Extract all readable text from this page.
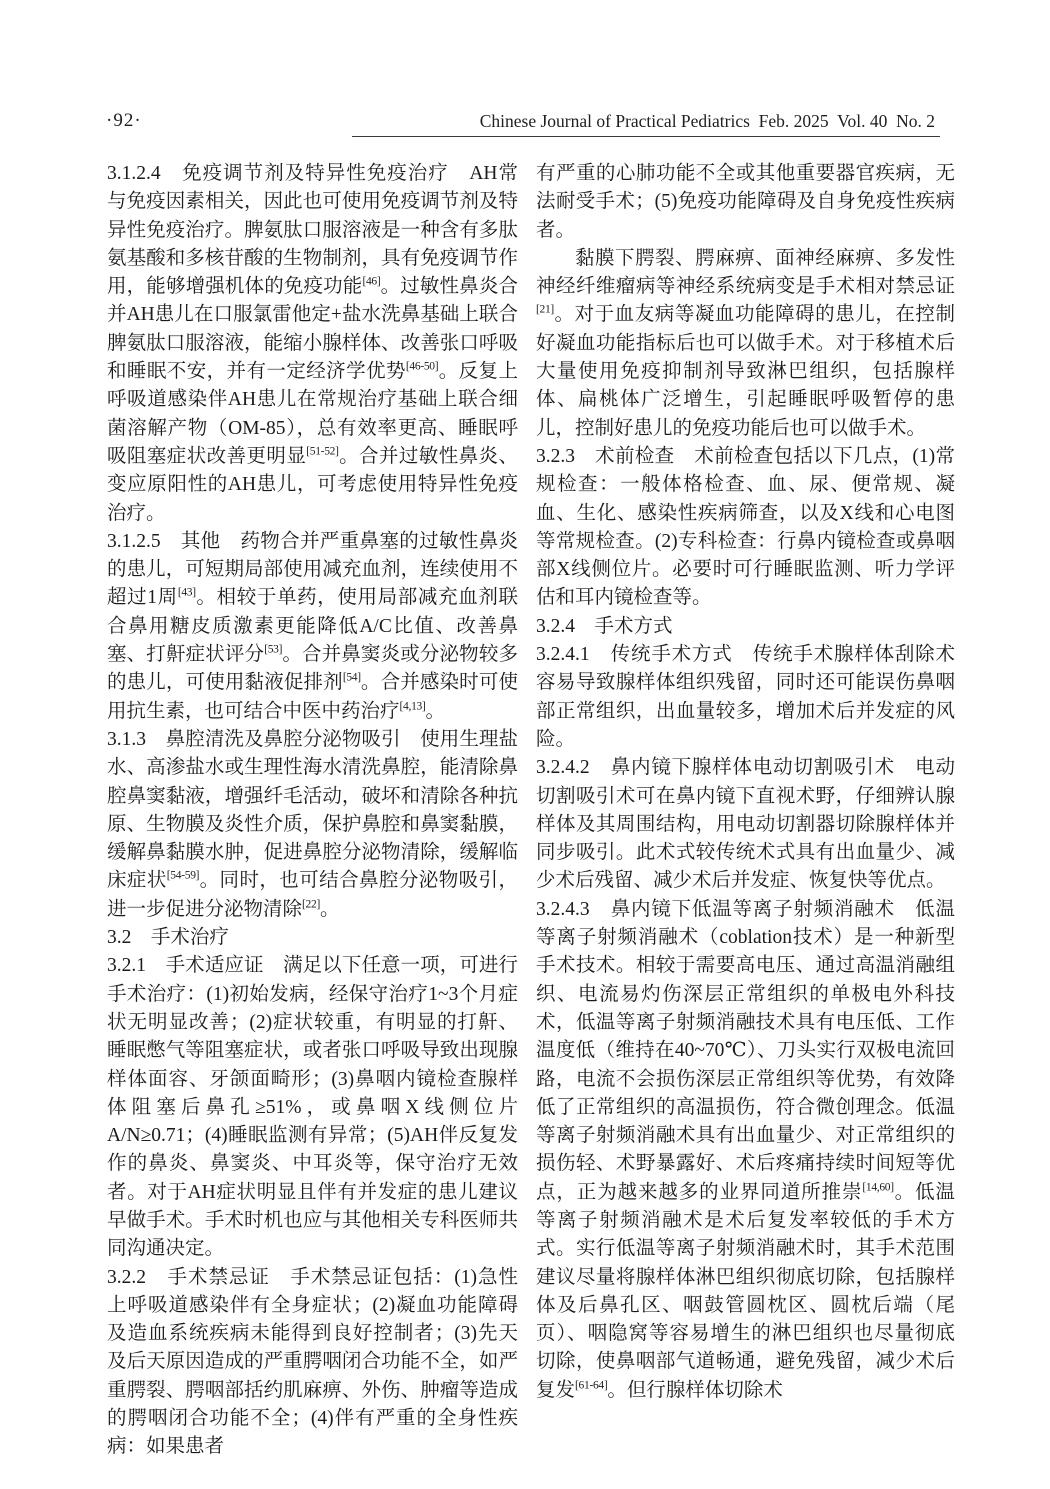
·92·	Chinese Journal of Practical Pediatrics  Feb. 2025  Vol. 40  No. 2

3.1.2.4　免疫调节剂及特异性免疫治疗　AH常与免疫因素相关，因此也可使用免疫调节剂及特异性免疫治疗。脾氨肽口服溶液是一种含有多肽氨基酸和多核苷酸的生物制剂，具有免疫调节作用，能够增强机体的免疫功能[46]。过敏性鼻炎合并AH患儿在口服氯雷他定+盐水洗鼻基础上联合脾氨肽口服溶液，能缩小腺样体、改善张口呼吸和睡眠不安，并有一定经济学优势[46-50]。反复上呼吸道感染伴AH患儿在常规治疗基础上联合细菌溶解产物（OM-85），总有效率更高、睡眠呼吸阻塞症状改善更明显[51-52]。合并过敏性鼻炎、变应原阳性的AH患儿，可考虑使用特异性免疫治疗。

3.1.2.5　其他　药物合并严重鼻塞的过敏性鼻炎的患儿，可短期局部使用减充血剂，连续使用不超过1周[43]。相较于单药，使用局部减充血剂联合鼻用糖皮质激素更能降低A/C比值、改善鼻塞、打鼾症状评分[53]。合并鼻窦炎或分泌物较多的患儿，可使用黏液促排剂[54]。合并感染时可使用抗生素，也可结合中医中药治疗[4,13]。

3.1.3　鼻腔清洗及鼻腔分泌物吸引　使用生理盐水、高渗盐水或生理性海水清洗鼻腔，能清除鼻腔鼻窦黏液，增强纤毛活动，破坏和清除各种抗原、生物膜及炎性介质，保护鼻腔和鼻窦黏膜，缓解鼻黏膜水肿，促进鼻腔分泌物清除，缓解临床症状[54-59]。同时，也可结合鼻腔分泌物吸引，进一步促进分泌物清除[22]。

3.2　手术治疗

3.2.1　手术适应证　满足以下任意一项，可进行手术治疗：(1)初始发病，经保守治疗1~3个月症状无明显改善；(2)症状较重，有明显的打鼾、睡眠憋气等阻塞症状，或者张口呼吸导致出现腺样体面容、牙颌面畸形；(3)鼻咽内镜检查腺样体阻塞后鼻孔≥51%，或鼻咽X线侧位片A/N≥0.71；(4)睡眠监测有异常；(5)AH伴反复发作的鼻炎、鼻窦炎、中耳炎等，保守治疗无效者。对于AH症状明显且伴有并发症的患儿建议早做手术。手术时机也应与其他相关专科医师共同沟通决定。

3.2.2　手术禁忌证　手术禁忌证包括：(1)急性上呼吸道感染伴有全身症状；(2)凝血功能障碍及造血系统疾病未能得到良好控制者；(3)先天及后天原因造成的严重腭咽闭合功能不全，如严重腭裂、腭咽部括约肌麻痹、外伤、肿瘤等造成的腭咽闭合功能不全；(4)伴有严重的全身性疾病：如果患者

有严重的心肺功能不全或其他重要器官疾病，无法耐受手术；(5)免疫功能障碍及自身免疫性疾病者。

黏膜下腭裂、腭麻痹、面神经麻痹、多发性神经纤维瘤病等神经系统病变是手术相对禁忌证[21]。对于血友病等凝血功能障碍的患儿，在控制好凝血功能指标后也可以做手术。对于移植术后大量使用免疫抑制剂导致淋巴组织，包括腺样体、扁桃体广泛增生，引起睡眠呼吸暂停的患儿，控制好患儿的免疫功能后也可以做手术。

3.2.3　术前检查　术前检查包括以下几点，(1)常规检查：一般体格检查、血、尿、便常规、凝血、生化、感染性疾病筛查，以及X线和心电图等常规检查。(2)专科检查：行鼻内镜检查或鼻咽部X线侧位片。必要时可行睡眠监测、听力学评估和耳内镜检查等。

3.2.4　手术方式

3.2.4.1　传统手术方式　传统手术腺样体刮除术容易导致腺样体组织残留，同时还可能误伤鼻咽部正常组织，出血量较多，增加术后并发症的风险。

3.2.4.2　鼻内镜下腺样体电动切割吸引术　电动切割吸引术可在鼻内镜下直视术野，仔细辨认腺样体及其周围结构，用电动切割器切除腺样体并同步吸引。此术式较传统术式具有出血量少、减少术后残留、减少术后并发症、恢复快等优点。

3.2.4.3　鼻内镜下低温等离子射频消融术　低温等离子射频消融术（coblation技术）是一种新型手术技术。相较于需要高电压、通过高温消融组织、电流易灼伤深层正常组织的单极电外科技术，低温等离子射频消融技术具有电压低、工作温度低（维持在40~70℃）、刀头实行双极电流回路，电流不会损伤深层正常组织等优势，有效降低了正常组织的高温损伤，符合微创理念。低温等离子射频消融术具有出血量少、对正常组织的损伤轻、术野暴露好、术后疼痛持续时间短等优点，正为越来越多的业界同道所推崇[14,60]。低温等离子射频消融术是术后复发率较低的手术方式。实行低温等离子射频消融术时，其手术范围建议尽量将腺样体淋巴组织彻底切除，包括腺样体及后鼻孔区、咽鼓管圆枕区、圆枕后端（尾页）、咽隐窝等容易增生的淋巴组织也尽量彻底切除，使鼻咽部气道畅通，避免残留，减少术后复发[61-64]。但行腺样体切除术
